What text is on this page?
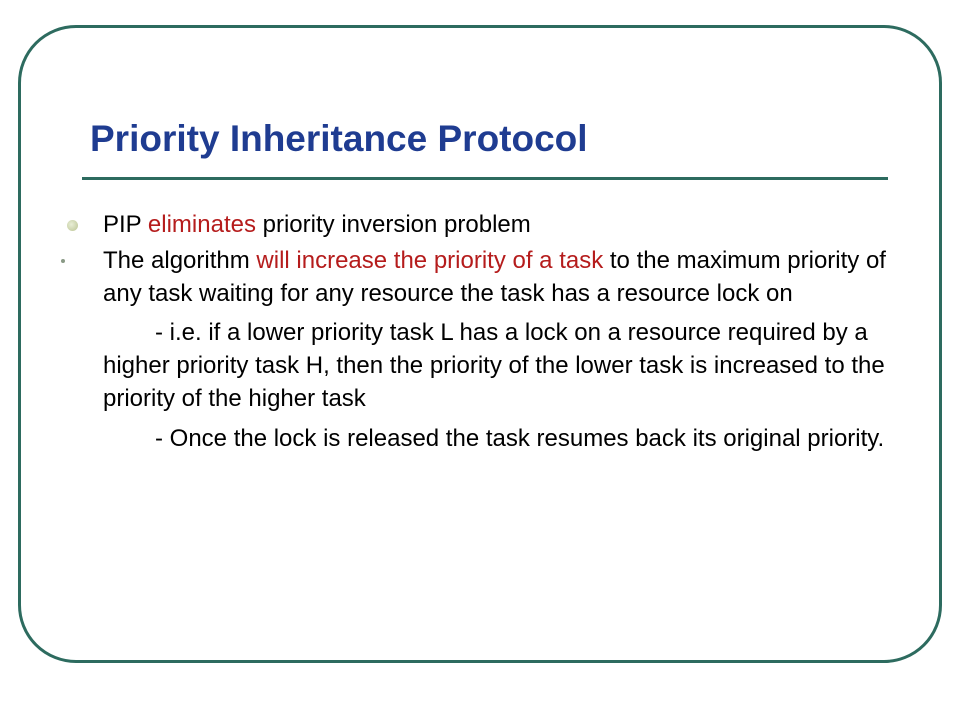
Priority Inheritance Protocol
PIP eliminates priority inversion problem
The algorithm will increase the priority of a task to the maximum priority of any task waiting for any resource the task has a resource lock on
- i.e. if a lower priority task L has a lock on a resource required by a higher priority task H, then the priority of the lower task is increased to the priority of the higher task
- Once the lock is released the task resumes back its original priority.
